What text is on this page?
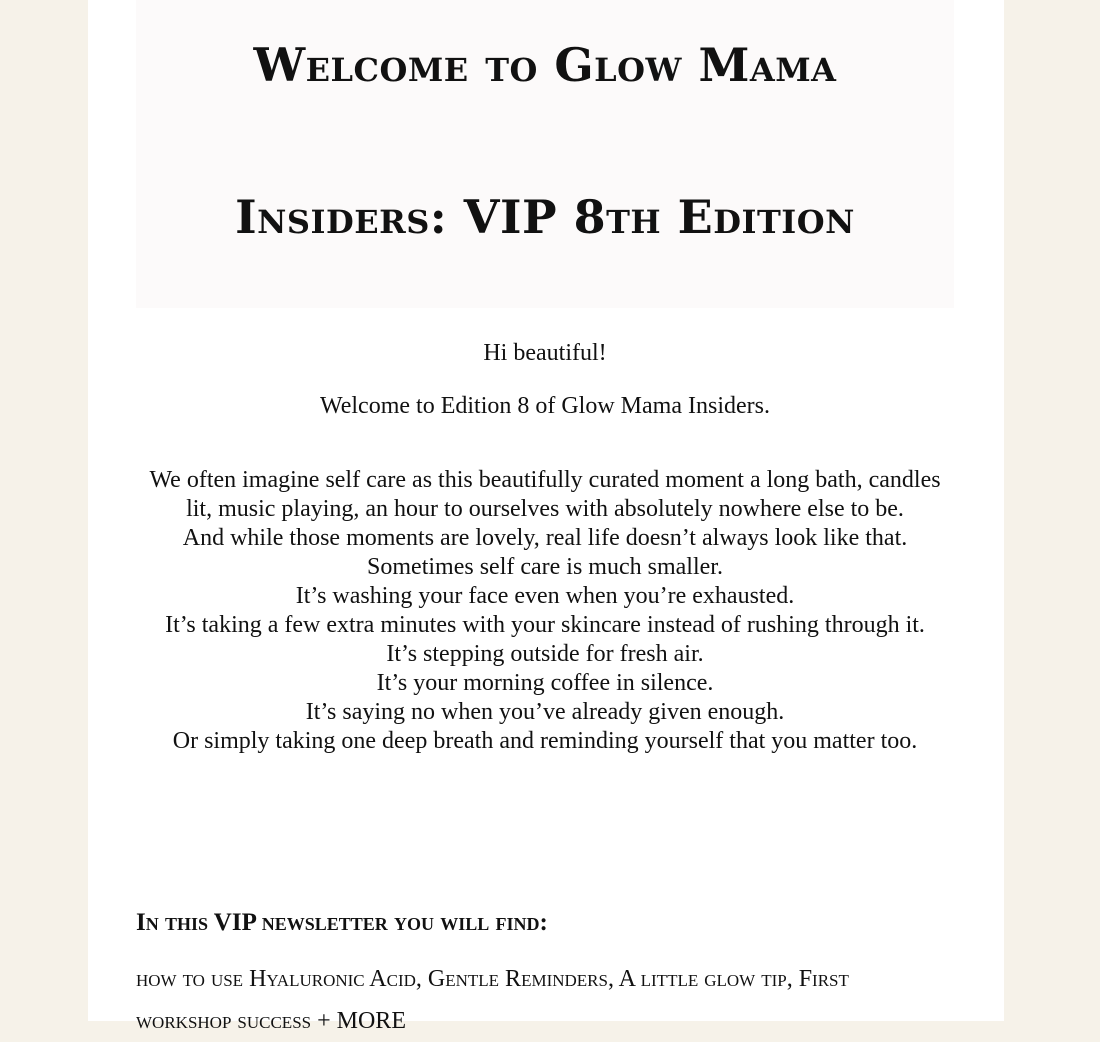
Welcome to Glow Mama
Insiders: VIP 8th Edition

Hi beautiful!

Welcome to Edition 8 of Glow Mama Insiders.

We often imagine self care as this beautifully curated moment a long bath, candles lit, music playing, an hour to ourselves with absolutely nowhere else to be.

And while those moments are lovely, real life doesn’t always look like that.

Sometimes self care is much smaller.

It’s washing your face even when you’re exhausted.

It’s taking a few extra minutes with your skincare instead of rushing through it.

It’s stepping outside for fresh air.

It’s your morning coffee in silence.

It’s saying no when you’ve already given enough.

Or simply taking one deep breath and reminding yourself that you matter too.

In this VIP newsletter you will find:

how to use Hyaluronic Acid, Gentle Reminders, A little glow tip, First workshop success + MORE
